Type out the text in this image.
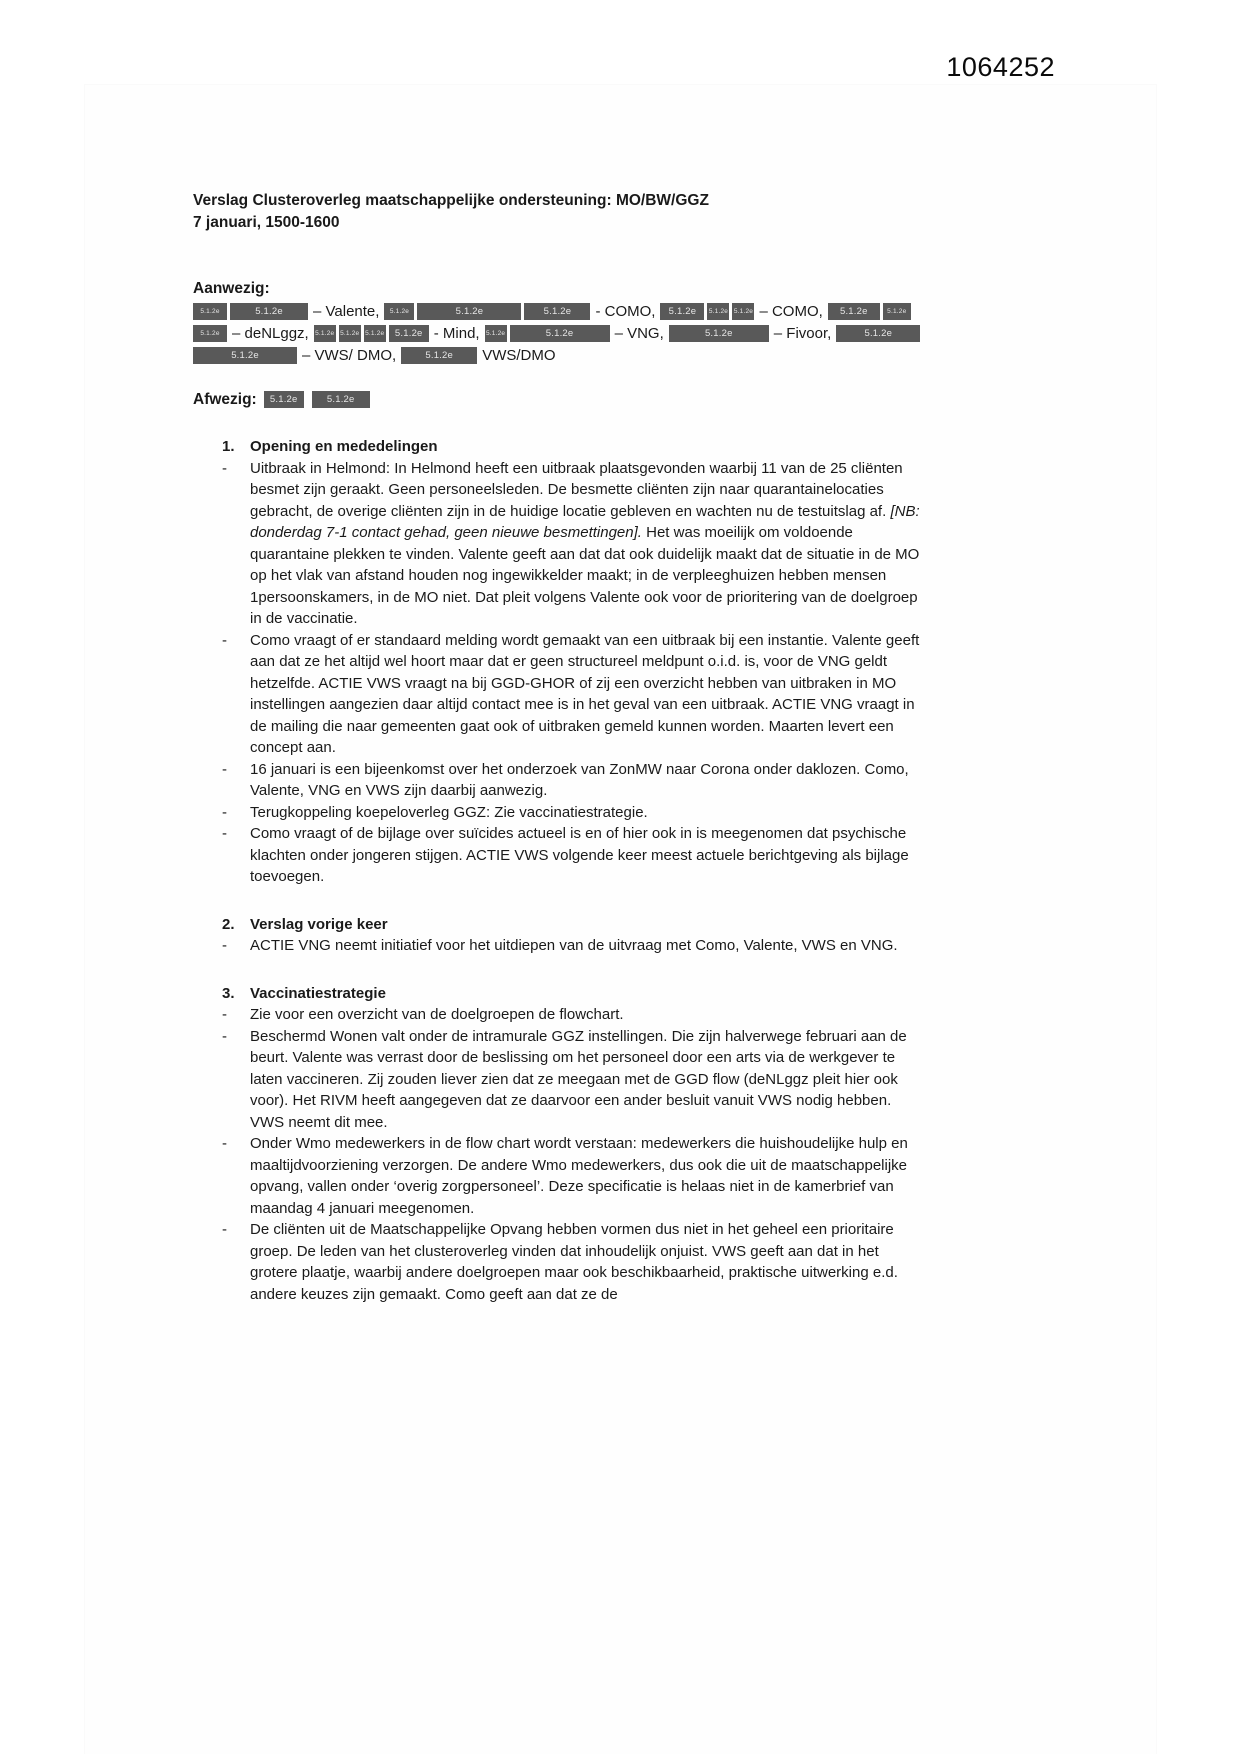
1064252
Verslag Clusteroverleg maatschappelijke ondersteuning: MO/BW/GGZ
7 januari, 1500-1600
Aanwezig:
5.1.2e	5.1.2e	– Valente,	5.1.2e	5.1.2e	5.1.2e	- COMO,	5.1.2e	5.1.2e 5.1.2e – COMO,	5.1.2e	5.1.2e
5.1.2e – deNLggz, 5.1.2e 5.1.2e 5.1.2e	5.1.2e - Mind, 5.1.2e	5.1.2e	– VNG,	5.1.2e	– Fivoor,	5.1.2e
5.1.2e	– VWS/ DMO,	5.1.2e	VWS/DMO
Afwezig:	5.1.2e	5.1.2e
1.	Opening en mededelingen
-	Uitbraak in Helmond: In Helmond heeft een uitbraak plaatsgevonden waarbij 11 van de 25 cliënten besmet zijn geraakt. Geen personeelsleden. De besmette cliënten zijn naar quarantainelocaties gebracht, de overige cliënten zijn in de huidige locatie gebleven en wachten nu de testuitslag af. [NB: donderdag 7-1 contact gehad, geen nieuwe besmettingen]. Het was moeilijk om voldoende quarantaine plekken te vinden. Valente geeft aan dat dat ook duidelijk maakt dat de situatie in de MO op het vlak van afstand houden nog ingewikkelder maakt; in de verpleeghuizen hebben mensen 1persoonskamers, in de MO niet. Dat pleit volgens Valente ook voor de prioritering van de doelgroep in de vaccinatie.
-	Como vraagt of er standaard melding wordt gemaakt van een uitbraak bij een instantie. Valente geeft aan dat ze het altijd wel hoort maar dat er geen structureel meldpunt o.i.d. is, voor de VNG geldt hetzelfde. ACTIE VWS vraagt na bij GGD-GHOR of zij een overzicht hebben van uitbraken in MO instellingen aangezien daar altijd contact mee is in het geval van een uitbraak. ACTIE VNG vraagt in de mailing die naar gemeenten gaat ook of uitbraken gemeld kunnen worden. Maarten levert een concept aan.
-	16 januari is een bijeenkomst over het onderzoek van ZonMW naar Corona onder daklozen. Como, Valente, VNG en VWS zijn daarbij aanwezig.
-	Terugkoppeling koepeloverleg GGZ: Zie vaccinatiestrategie.
-	Como vraagt of de bijlage over suïcides actueel is en of hier ook in is meegenomen dat psychische klachten onder jongeren stijgen. ACTIE VWS volgende keer meest actuele berichtgeving als bijlage toevoegen.
2.	Verslag vorige keer
-	ACTIE VNG neemt initiatief voor het uitdiepen van de uitvraag met Como, Valente, VWS en VNG.
3.	Vaccinatiestrategie
-	Zie voor een overzicht van de doelgroepen de flowchart.
-	Beschermd Wonen valt onder de intramurale GGZ instellingen. Die zijn halverwege februari aan de beurt. Valente was verrast door de beslissing om het personeel door een arts via de werkgever te laten vaccineren. Zij zouden liever zien dat ze meegaan met de GGD flow (deNLggz pleit hier ook voor). Het RIVM heeft aangegeven dat ze daarvoor een ander besluit vanuit VWS nodig hebben. VWS neemt dit mee.
-	Onder Wmo medewerkers in de flow chart wordt verstaan: medewerkers die huishoudelijke hulp en maaltijdvoorziening verzorgen. De andere Wmo medewerkers, dus ook die uit de maatschappelijke opvang, vallen onder ‘overig zorgpersoneel’. Deze specificatie is helaas niet in de kamerbrief van maandag 4 januari meegenomen.
-	De cliënten uit de Maatschappelijke Opvang hebben vormen dus niet in het geheel een prioritaire groep. De leden van het clusteroverleg vinden dat inhoudelijk onjuist. VWS geeft aan dat in het grotere plaatje, waarbij andere doelgroepen maar ook beschikbaarheid, praktische uitwerking e.d. andere keuzes zijn gemaakt. Como geeft aan dat ze de
